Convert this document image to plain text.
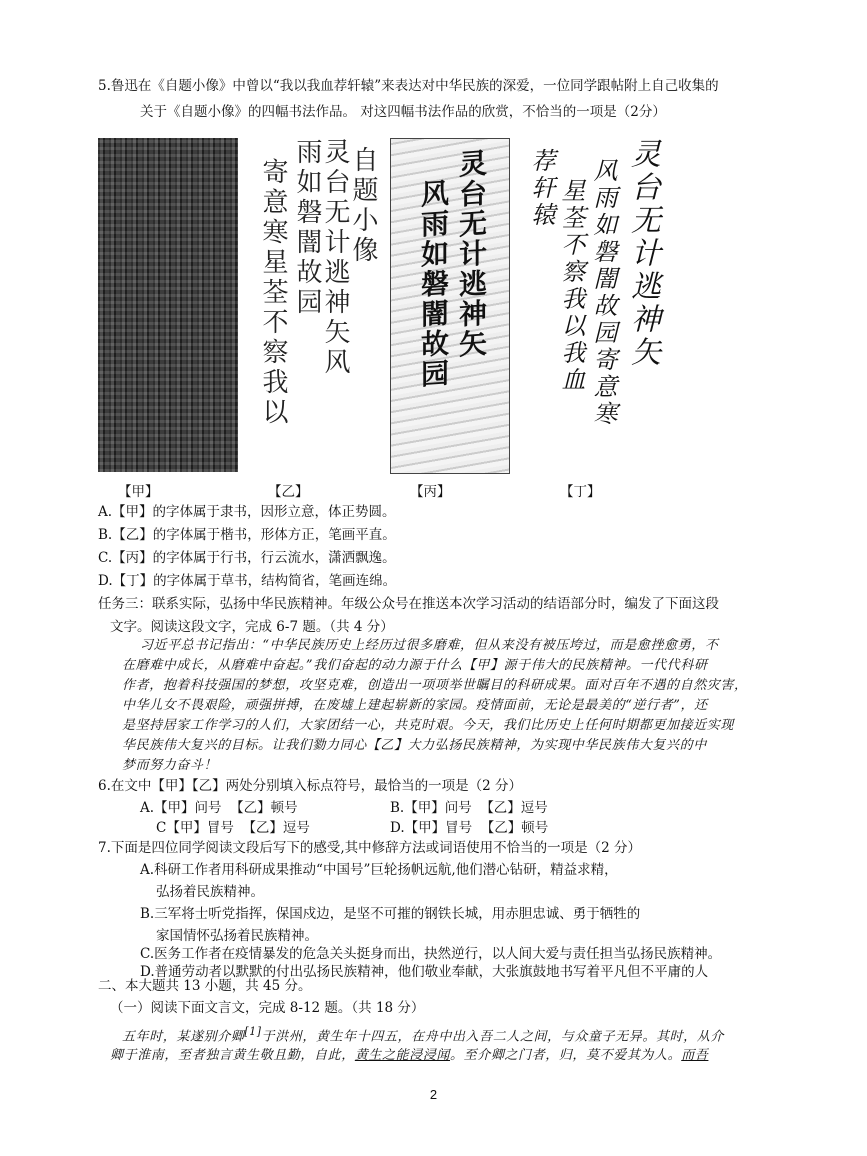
5.鲁迅在《自题小像》中曾以“我以我血荐轩辕”来表达对中华民族的深爱，一位同学跟帖附上自己收集的
关于《自题小像》的四幅书法作品。 对这四幅书法作品的欣赏，不恰当的一项是（2分）
自题小像
灵台无计逃神矢风
雨如磐闇故园
寄意寒星荃不察我以	灵台无计逃神矢
风雨如磐闇故园	灵台无计逃神矢
风雨如磐闇故园寄意寒
星荃不察我以我血
荐轩辕
【甲】	【乙】	【丙】	【丁】
A.【甲】的字体属于隶书，因形立意，体正势圆。
B.【乙】的字体属于楷书，形体方正，笔画平直。
C.【丙】的字体属于行书，行云流水，潇洒飘逸。
D.【丁】的字体属于草书，结构简省，笔画连绵。
任务三：联系实际，弘扬中华民族精神。年级公众号在推送本次学习活动的结语部分时，编发了下面这段
文字。阅读这段文字，完成 6-7 题。（共 4 分）
习近平总书记指出：“中华民族历史上经历过很多磨难，但从来没有被压垮过，而是愈挫愈勇，不
在磨难中成长，从磨难中奋起。”我们奋起的动力源于什么【甲】源于伟大的民族精神。一代代科研
作者，抱着科技强国的梦想，攻坚克难，创造出一项项举世瞩目的科研成果。面对百年不遇的自然灾害，
中华儿女不畏艰险，顽强拼搏，在废墟上建起崭新的家园。疫情面前，无论是最美的“逆行者”，还
是坚持居家工作学习的人们，大家团结一心，共克时艰。今天，我们比历史上任何时期都更加接近实现
华民族伟大复兴的目标。让我们勠力同心【乙】大力弘扬民族精神，为实现中华民族伟大复兴的中
梦而努力奋斗！
6.在文中【甲】【乙】两处分别填入标点符号，最恰当的一项是（2 分）
A.【甲】问号 【乙】顿号	B.【甲】问号 【乙】逗号
C【甲】冒号 【乙】逗号	D.【甲】冒号 【乙】顿号
7.下面是四位同学阅读文段后写下的感受,其中修辞方法或词语使用不恰当的一项是（2 分）
A.科研工作者用科研成果推动“中国号”巨轮扬帆远航,他们潜心钻研，精益求精，
弘扬着民族精神。
B.三军将士听党指挥，保国戍边，是坚不可摧的钢铁长城，用赤胆忠诚、勇于牺牲的
家国情怀弘扬着民族精神。
C.医务工作者在疫情暴发的危急关头挺身而出，抉然逆行，以人间大爱与责任担当弘扬民族精神。
D.普通劳动者以默默的付出弘扬民族精神，他们敬业奉献，大张旗鼓地书写着平凡但不平庸的人
二、本大题共 13 小题，共 45 分。
（一）阅读下面文言文，完成 8-12 题。（共 18 分）
五年时，某遂别介卿[1]于洪州，黄生年十四五，在舟中出入吾二人之间，与众童子无异。其时，从介
卿于淮南，至者独言黄生敬且勤，自此，黄生之能浸浸闻。至介卿之门者，归，莫不爱其为人。而吾
2
